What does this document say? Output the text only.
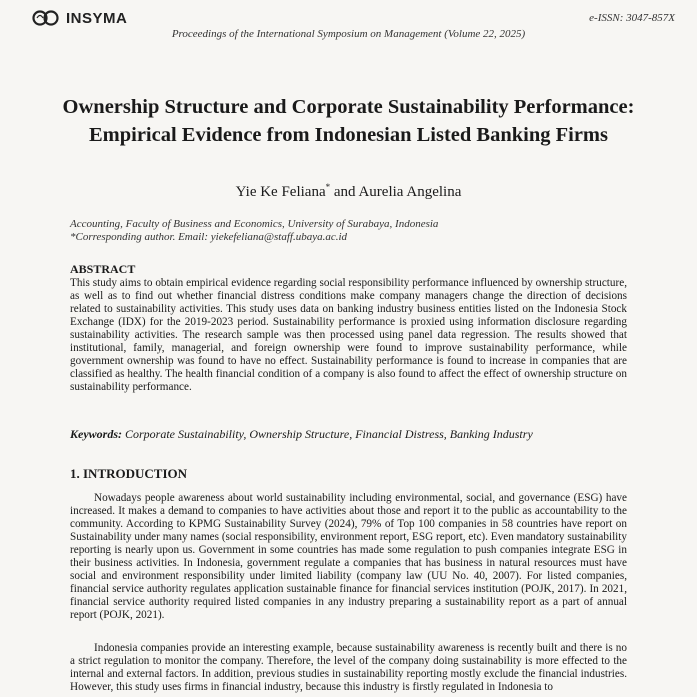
INSYMA	e-ISSN: 3047-857X
Proceedings of the International Symposium on Management (Volume 22, 2025)
Ownership Structure and Corporate Sustainability Performance: Empirical Evidence from Indonesian Listed Banking Firms
Yie Ke Feliana* and Aurelia Angelina
Accounting, Faculty of Business and Economics, University of Surabaya, Indonesia
*Corresponding author. Email: yiekefeliana@staff.ubaya.ac.id
ABSTRACT

This study aims to obtain empirical evidence regarding social responsibility performance influenced by ownership structure, as well as to find out whether financial distress conditions make company managers change the direction of decisions related to sustainability activities. This study uses data on banking industry business entities listed on the Indonesia Stock Exchange (IDX) for the 2019-2023 period. Sustainability performance is proxied using information disclosure regarding sustainability activities. The research sample was then processed using panel data regression. The results showed that institutional, family, managerial, and foreign ownership were found to improve sustainability performance, while government ownership was found to have no effect. Sustainability performance is found to increase in companies that are classified as healthy. The health financial condition of a company is also found to affect the effect of ownership structure on sustainability performance.

Keywords: Corporate Sustainability, Ownership Structure, Financial Distress, Banking Industry
1. INTRODUCTION

Nowadays people awareness about world sustainability including environmental, social, and governance (ESG) have increased. It makes a demand to companies to have activities about those and report it to the public as accountability to the community. According to KPMG Sustainability Survey (2024), 79% of Top 100 companies in 58 countries have report on Sustainability under many names (social responsibility, environment report, ESG report, etc). Even mandatory sustainability reporting is nearly upon us. Government in some countries has made some regulation to push companies integrate ESG in their business activities. In Indonesia, government regulate a companies that has business in natural resources must have social and environment responsibility under limited liability (company law (UU No. 40, 2007). For listed companies, financial service authority regulates application sustainable finance for financial services institution (POJK, 2017). In 2021, financial service authority required listed companies in any industry preparing a sustainability report as a part of annual report (POJK, 2021).

Indonesia companies provide an interesting example, because sustainability awareness is recently built and there is no a strict regulation to monitor the company. Therefore, the level of the company doing sustainability is more effected to the internal and external factors. In addition, previous studies in sustainability reporting mostly exclude the financial industries. However, this study uses firms in financial industry, because this industry is firstly regulated in Indonesia to
